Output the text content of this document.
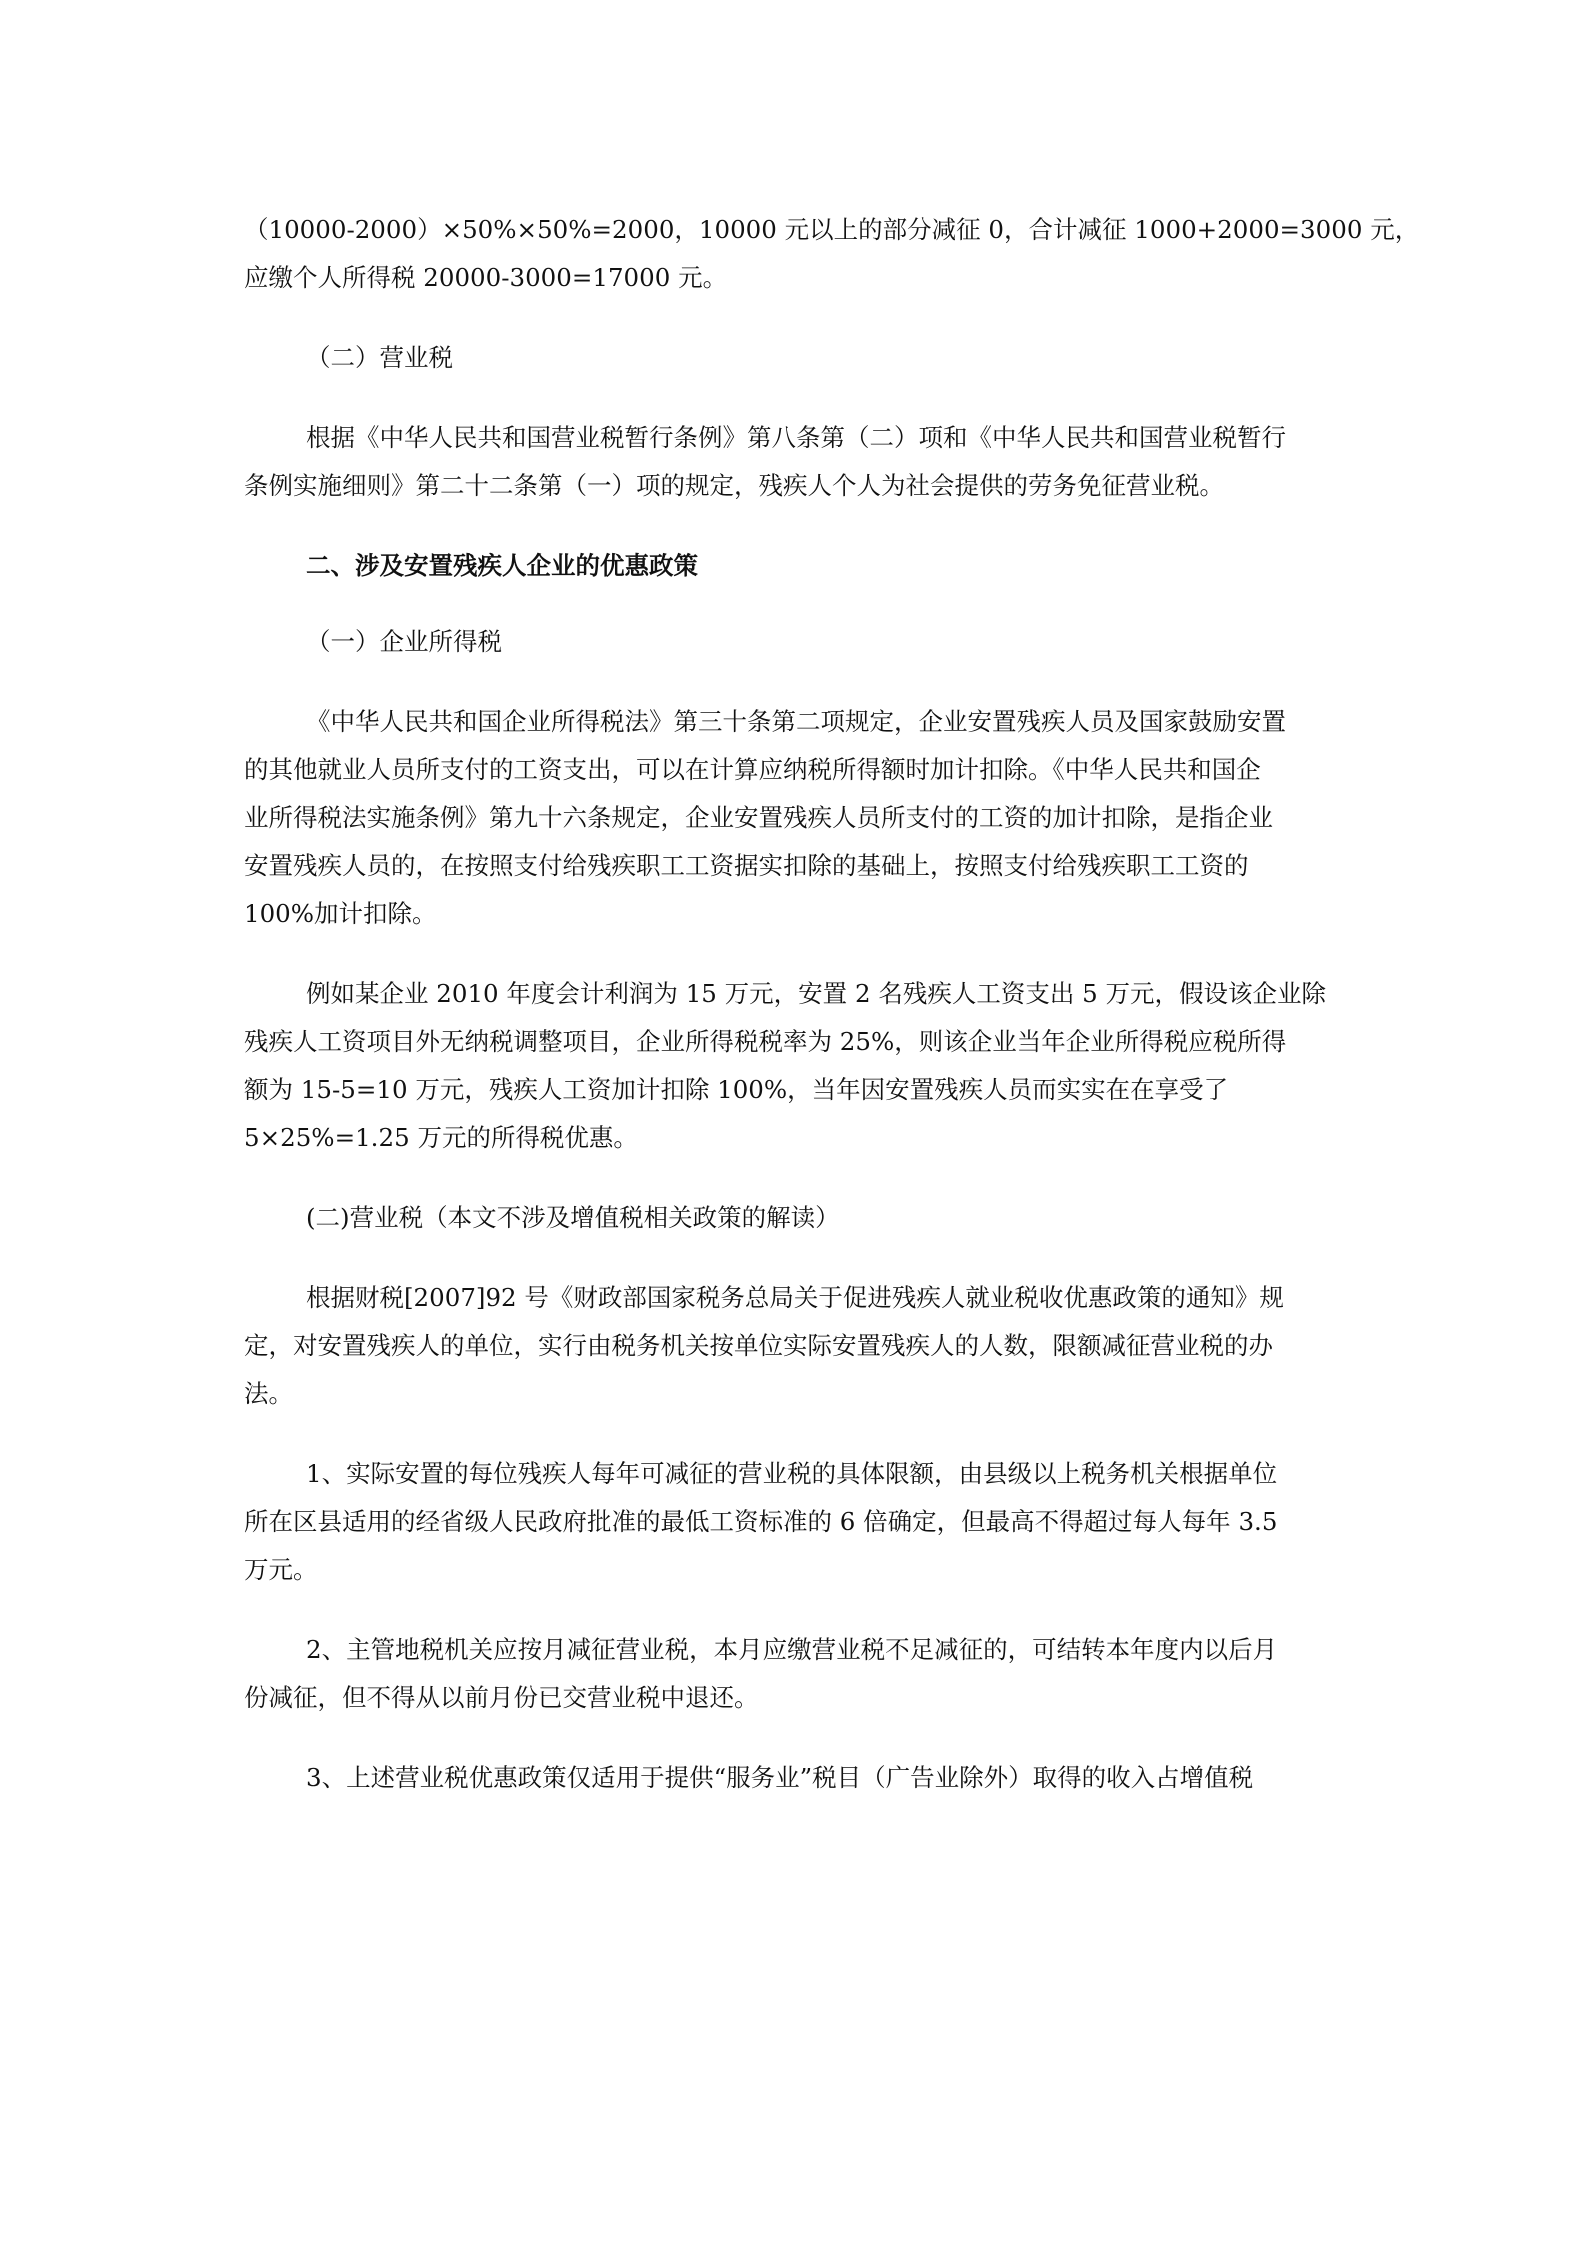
（10000-2000）×50%×50%=2000，10000 元以上的部分减征 0，合计减征 1000+2000=3000 元，
应缴个人所得税 20000-3000=17000 元。

（二）营业税

根据《中华人民共和国营业税暂行条例》第八条第（二）项和《中华人民共和国营业税暂行
条例实施细则》第二十二条第（一）项的规定，残疾人个人为社会提供的劳务免征营业税。

二、涉及安置残疾人企业的优惠政策

（一）企业所得税

《中华人民共和国企业所得税法》第三十条第二项规定，企业安置残疾人员及国家鼓励安置
的其他就业人员所支付的工资支出，可以在计算应纳税所得额时加计扣除。《中华人民共和国企
业所得税法实施条例》第九十六条规定，企业安置残疾人员所支付的工资的加计扣除，是指企业
安置残疾人员的，在按照支付给残疾职工工资据实扣除的基础上，按照支付给残疾职工工资的
100%加计扣除。

例如某企业 2010 年度会计利润为 15 万元，安置 2 名残疾人工资支出 5 万元，假设该企业除
残疾人工资项目外无纳税调整项目，企业所得税税率为 25%，则该企业当年企业所得税应税所得
额为 15-5=10 万元，残疾人工资加计扣除 100%，当年因安置残疾人员而实实在在享受了
5×25%=1.25 万元的所得税优惠。

(二)营业税（本文不涉及增值税相关政策的解读）

根据财税[2007]92 号《财政部国家税务总局关于促进残疾人就业税收优惠政策的通知》规
定，对安置残疾人的单位，实行由税务机关按单位实际安置残疾人的人数，限额减征营业税的办
法。

1、实际安置的每位残疾人每年可减征的营业税的具体限额，由县级以上税务机关根据单位
所在区县适用的经省级人民政府批准的最低工资标准的 6 倍确定，但最高不得超过每人每年 3.5
万元。

2、主管地税机关应按月减征营业税，本月应缴营业税不足减征的，可结转本年度内以后月
份减征，但不得从以前月份已交营业税中退还。

3、上述营业税优惠政策仅适用于提供“服务业”税目（广告业除外）取得的收入占增值税
